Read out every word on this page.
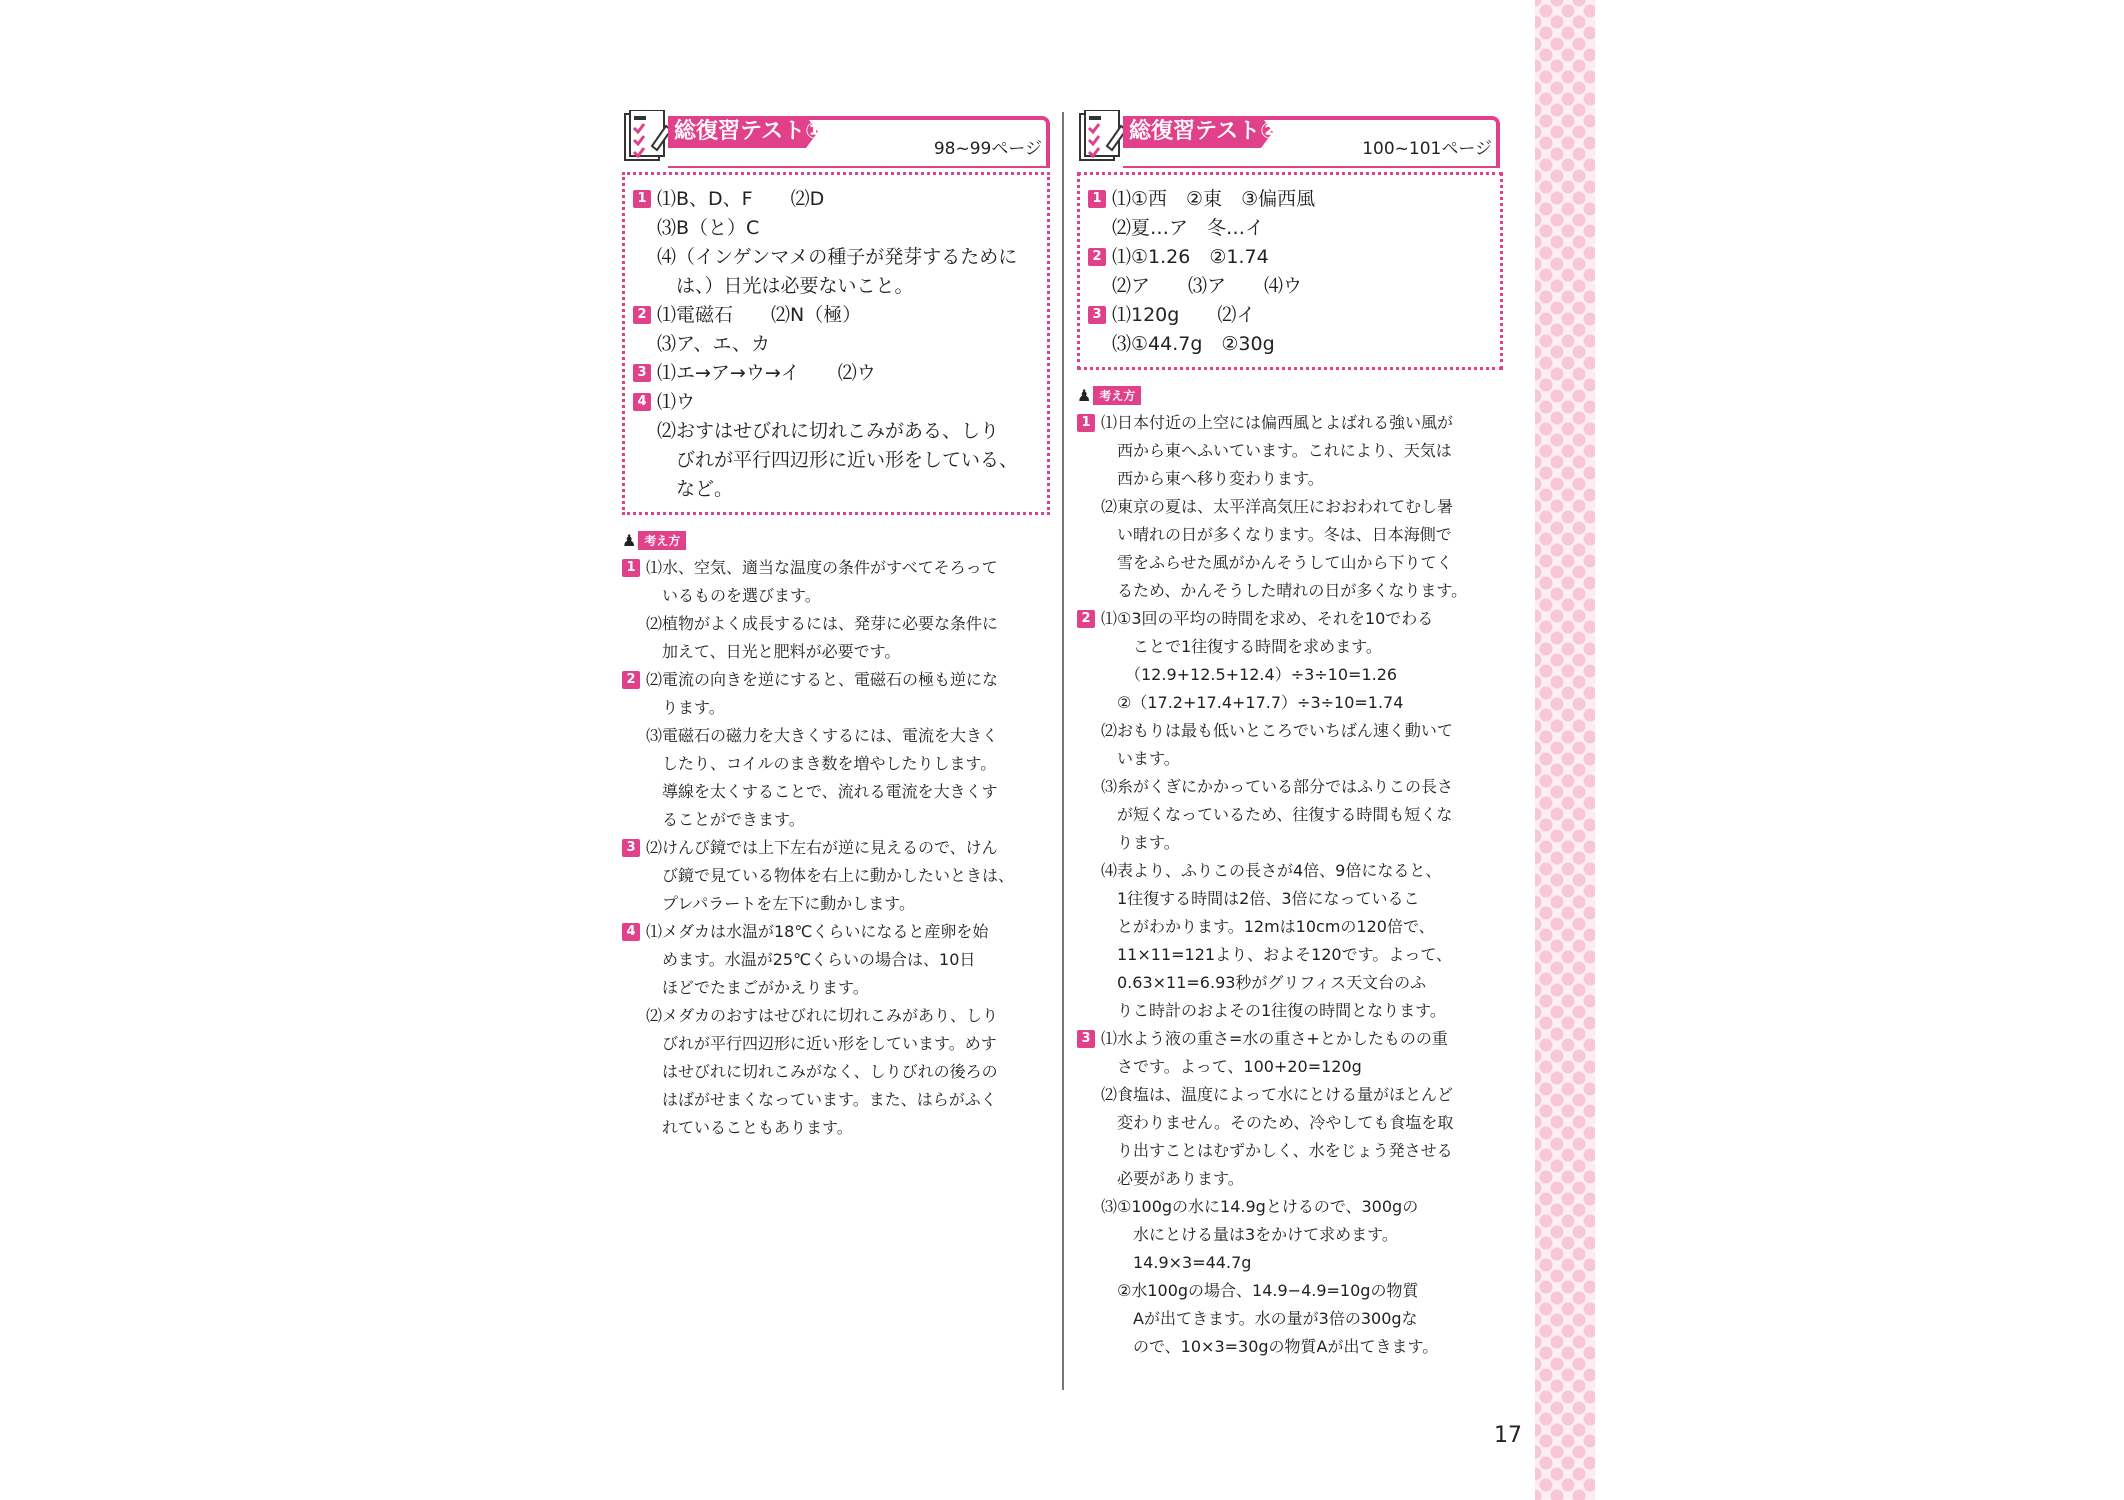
総復習テスト①
98~99ページ
1 ⑴B、D、F　　⑵D
⑶B（と）C
⑷（インゲンマメの種子が発芽するために
　は、）日光は必要ないこと。
2 ⑴電磁石　　⑵N（極）
⑶ア、エ、カ
3 ⑴エ→ア→ウ→イ　　⑵ウ
4 ⑴ウ
⑵おすはせびれに切れこみがある、しり
　びれが平行四辺形に近い形をしている、
　など。
♟ 考え方
1 ⑴水、空気、適当な温度の条件がすべてそろって
　いるものを選びます。
⑵植物がよく成長するには、発芽に必要な条件に
　加えて、日光と肥料が必要です。
2 ⑵電流の向きを逆にすると、電磁石の極も逆にな
　ります。
⑶電磁石の磁力を大きくするには、電流を大きく
　したり、コイルのまき数を増やしたりします。
　導線を太くすることで、流れる電流を大きくす
　ることができます。
3 ⑵けんび鏡では上下左右が逆に見えるので、けん
　び鏡で見ている物体を右上に動かしたいときは、
　プレパラートを左下に動かします。
4 ⑴メダカは水温が18℃くらいになると産卵を始
　めます。水温が25℃くらいの場合は、10日
　ほどでたまごがかえります。
⑵メダカのおすはせびれに切れこみがあり、しり
　びれが平行四辺形に近い形をしています。めす
　はせびれに切れこみがなく、しりびれの後ろの
　はばがせまくなっています。また、はらがふく
　れていることもあります。
総復習テスト②
100~101ページ
1 ⑴①西　②東　③偏西風
⑵夏…ア　冬…イ
2 ⑴①1.26　②1.74
⑵ア　　⑶ア　　⑷ウ
3 ⑴120g　　⑵イ
⑶①44.7g　②30g
♟ 考え方
1 ⑴日本付近の上空には偏西風とよばれる強い風が
　西から東へふいています。これにより、天気は
　西から東へ移り変わります。
⑵東京の夏は、太平洋高気圧におおわれてむし暑
　い晴れの日が多くなります。冬は、日本海側で
　雪をふらせた風がかんそうして山から下りてく
　るため、かんそうした晴れの日が多くなります。
2 ⑴①3回の平均の時間を求め、それを10でわる
　　ことで1往復する時間を求めます。
　　（12.9+12.5+12.4）÷3÷10=1.26
　②（17.2+17.4+17.7）÷3÷10=1.74
⑵おもりは最も低いところでいちばん速く動いて
　います。
⑶糸がくぎにかかっている部分ではふりこの長さ
　が短くなっているため、往復する時間も短くな
　ります。
⑷表より、ふりこの長さが4倍、9倍になると、
　1往復する時間は2倍、3倍になっているこ
　とがわかります。12mは10cmの120倍で、
　11×11=121より、およそ120です。よって、
　0.63×11=6.93秒がグリフィス天文台のふ
　りこ時計のおよその1往復の時間となります。
3 ⑴水よう液の重さ=水の重さ+とかしたものの重
　さです。よって、100+20=120g
⑵食塩は、温度によって水にとける量がほとんど
　変わりません。そのため、冷やしても食塩を取
　り出すことはむずかしく、水をじょう発させる
　必要があります。
⑶①100gの水に14.9gとけるので、300gの
　　水にとける量は3をかけて求めます。
　　14.9×3=44.7g
　②水100gの場合、14.9−4.9=10gの物質
　　Aが出てきます。水の量が3倍の300gな
　　ので、10×3=30gの物質Aが出てきます。
17
